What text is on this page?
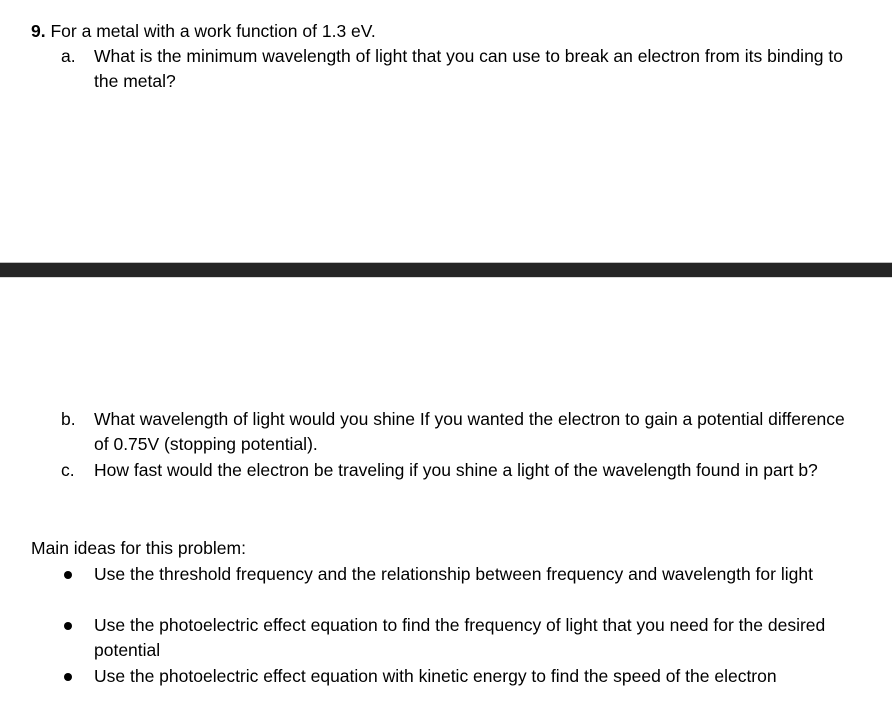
9. For a metal with a work function of 1.3 eV.
a.	What is the minimum wavelength of light that you can use to break an electron from its binding to the metal?
b.	What wavelength of light would you shine If you wanted the electron to gain a potential difference of 0.75V (stopping potential).
c.	How fast would the electron be traveling if you shine a light of the wavelength found in part b?
Main ideas for this problem:
Use the threshold frequency and the relationship between frequency and wavelength for light
Use the photoelectric effect equation to find the frequency of light that you need for the desired potential
Use the photoelectric effect equation with kinetic energy to find the speed of the electron
